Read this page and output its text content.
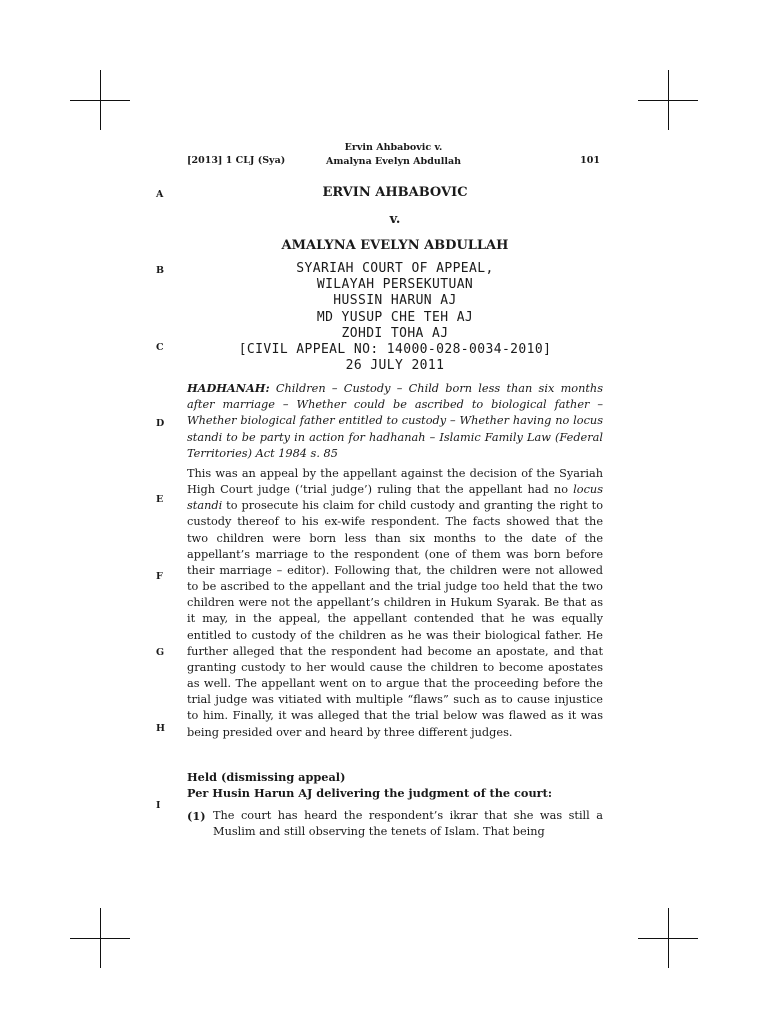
[2013] 1 CLJ (Sya)
Ervin Ahbabovic v.
Amalyna Evelyn Abdullah	101
A
B
C
D
E
F
G
H
I
ERVIN AHBABOVIC
v.
AMALYNA EVELYN ABDULLAH
SYARIAH COURT OF APPEAL,
WILAYAH PERSEKUTUAN
HUSSIN HARUN AJ
MD YUSUP CHE TEH AJ
ZOHDI TOHA AJ
[CIVIL APPEAL NO: 14000-028-0034-2010]
26 JULY 2011
HADHANAH: Children – Custody – Child born less than six months after marriage – Whether could be ascribed to biological father – Whether biological father entitled to custody – Whether having no locus standi to be party in action for hadhanah – Islamic Family Law (Federal Territories) Act 1984 s. 85
This was an appeal by the appellant against the decision of the Syariah High Court judge (‘trial judge’) ruling that the appellant had no locus standi to prosecute his claim for child custody and granting the right to custody thereof to his ex-wife respondent. The facts showed that the two children were born less than six months to the date of the appellant’s marriage to the respondent (one of them was born before their marriage – editor). Following that, the children were not allowed to be ascribed to the appellant and the trial judge too held that the two children were not the appellant’s children in Hukum Syarak. Be that as it may, in the appeal, the appellant contended that he was equally entitled to custody of the children as he was their biological father. He further alleged that the respondent had become an apostate, and that granting custody to her would cause the children to become apostates as well. The appellant went on to argue that the proceeding before the trial judge was vitiated with multiple “flaws” such as to cause injustice to him. Finally, it was alleged that the trial below was flawed as it was being presided over and heard by three different judges.
Held (dismissing appeal)
Per Husin Harun AJ delivering the judgment of the court:
(1) The court has heard the respondent’s ikrar that she was still a Muslim and still observing the tenets of Islam. That being
